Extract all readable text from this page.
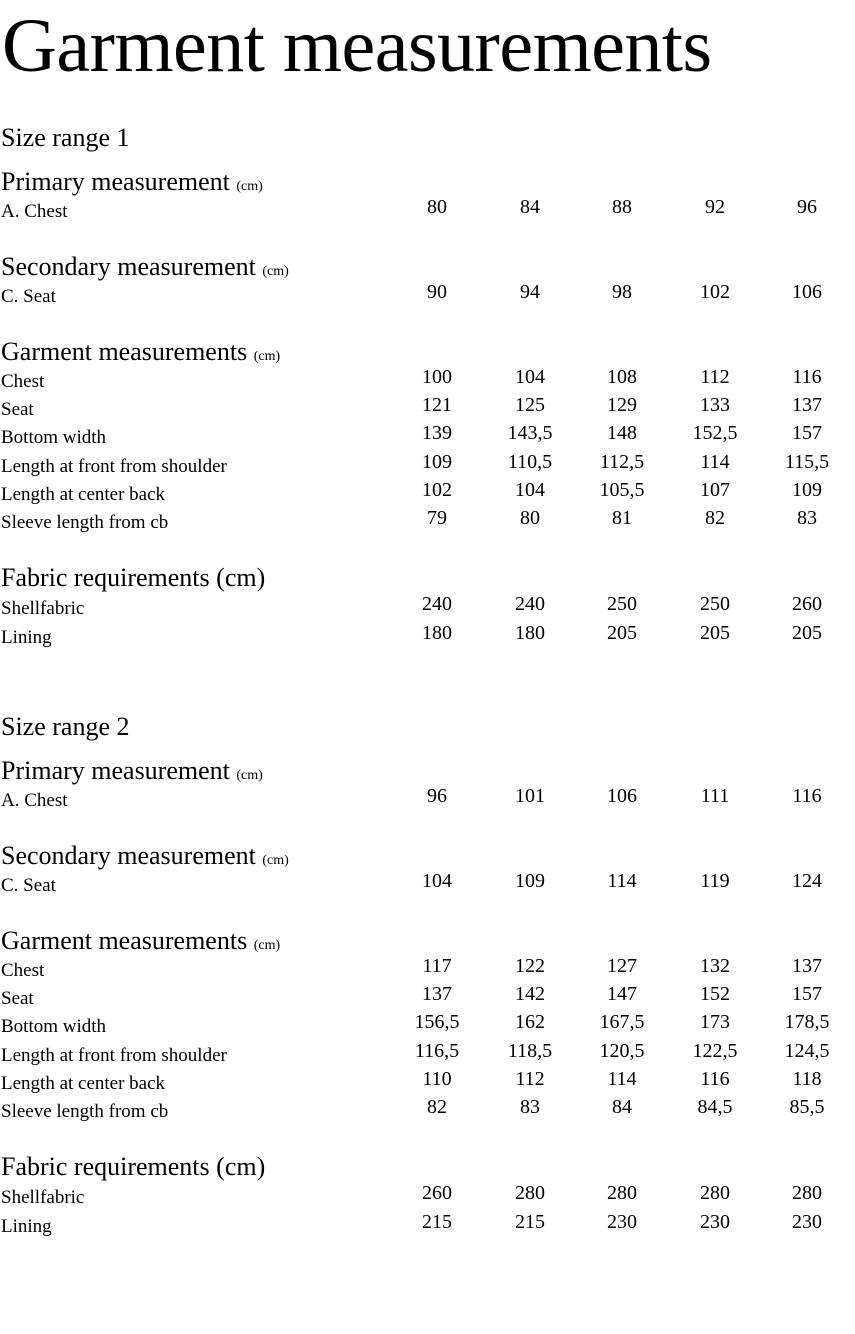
Garment measurements
Size range 1
Primary measurement (cm)
A. Chest	80	84	88	92	96
Secondary measurement (cm)
C. Seat	90	94	98	102	106
Garment measurements (cm)
Chest	100	104	108	112	116
Seat	121	125	129	133	137
Bottom width	139	143,5	148	152,5	157
Length at front from shoulder	109	110,5	112,5	114	115,5
Length at center back	102	104	105,5	107	109
Sleeve length from cb	79	80	81	82	83
Fabric requirements (cm)
Shellfabric	240	240	250	250	260
Lining	180	180	205	205	205
Size range 2
Primary measurement (cm)
A. Chest	96	101	106	111	116
Secondary measurement (cm)
C. Seat	104	109	114	119	124
Garment measurements (cm)
Chest	117	122	127	132	137
Seat	137	142	147	152	157
Bottom width	156,5	162	167,5	173	178,5
Length at front from shoulder	116,5	118,5	120,5	122,5	124,5
Length at center back	110	112	114	116	118
Sleeve length from cb	82	83	84	84,5	85,5
Fabric requirements (cm)
Shellfabric	260	280	280	280	280
Lining	215	215	230	230	230
